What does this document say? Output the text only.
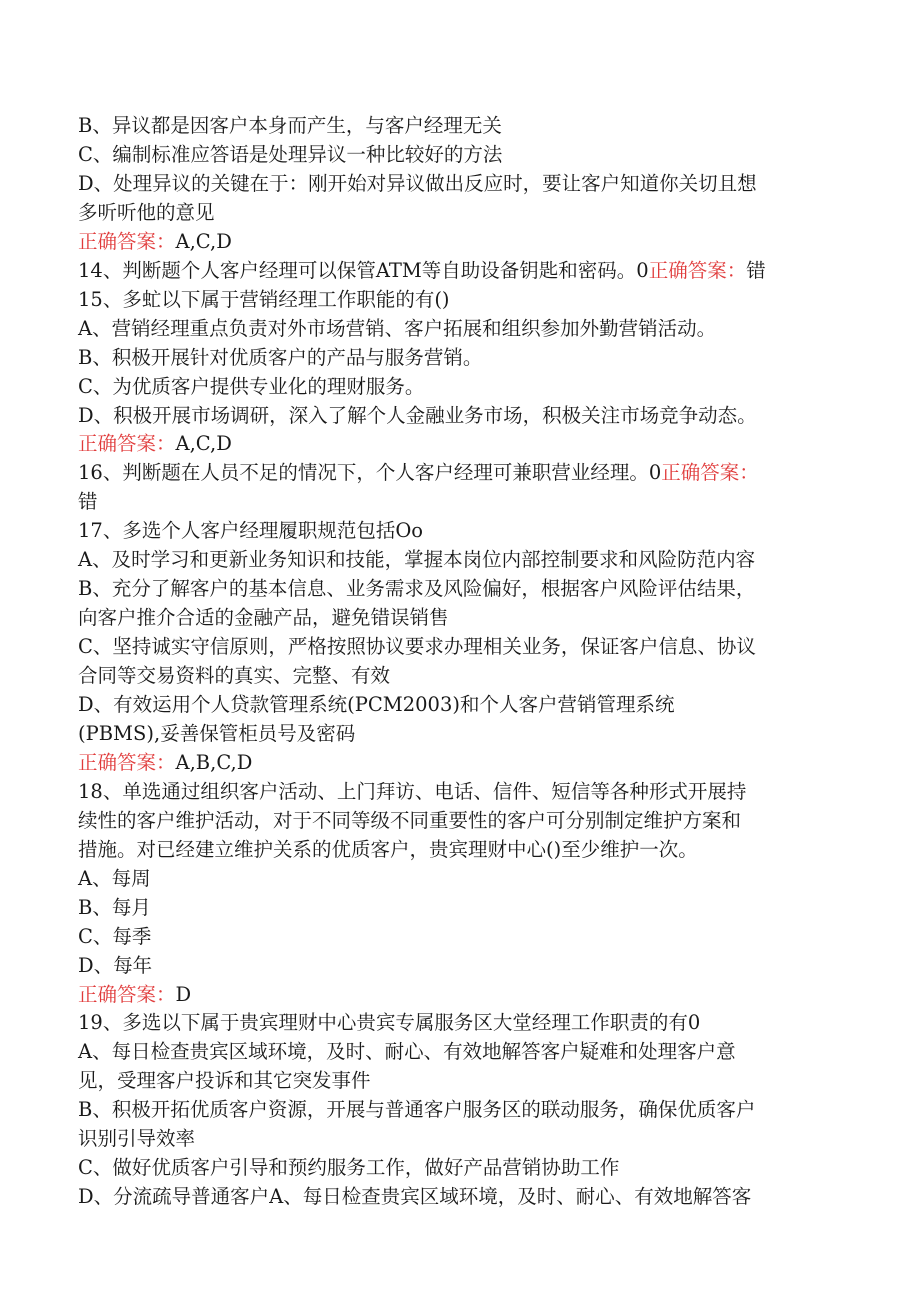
B、异议都是因客户本身而产生，与客户经理无关
C、编制标准应答语是处理异议一种比较好的方法
D、处理异议的关键在于：刚开始对异议做出反应时，要让客户知道你关切且想
多听听他的意见
正确答案：A,C,D
14、判断题个人客户经理可以保管ATM等自助设备钥匙和密码。0正确答案：错
15、多虻以下属于营销经理工作职能的有()
A、营销经理重点负责对外市场营销、客户拓展和组织参加外勤营销活动。
B、积极开展针对优质客户的产品与服务营销。
C、为优质客户提供专业化的理财服务。
D、积极开展市场调研，深入了解个人金融业务市场，积极关注市场竞争动态。
正确答案：A,C,D
16、判断题在人员不足的情况下，个人客户经理可兼职营业经理。0正确答案：
错
17、多选个人客户经理履职规范包括Oo
A、及时学习和更新业务知识和技能，掌握本岗位内部控制要求和风险防范内容
B、充分了解客户的基本信息、业务需求及风险偏好，根据客户风险评估结果，
向客户推介合适的金融产品，避免错误销售
C、坚持诚实守信原则，严格按照协议要求办理相关业务，保证客户信息、协议
合同等交易资料的真实、完整、有效
D、有效运用个人贷款管理系统(PCM2003)和个人客户营销管理系统
(PBMS),妥善保管柜员号及密码
正确答案：A,B,C,D
18、单选通过组织客户活动、上门拜访、电话、信件、短信等各种形式开展持
续性的客户维护活动，对于不同等级不同重要性的客户可分别制定维护方案和
措施。对已经建立维护关系的优质客户，贵宾理财中心()至少维护一次。
A、每周
B、每月
C、每季
D、每年
正确答案：D
19、多选以下属于贵宾理财中心贵宾专属服务区大堂经理工作职责的有0
A、每日检查贵宾区域环境，及时、耐心、有效地解答客户疑难和处理客户意
见，受理客户投诉和其它突发事件
B、积极开拓优质客户资源，开展与普通客户服务区的联动服务，确保优质客户
识别引导效率
C、做好优质客户引导和预约服务工作，做好产品营销协助工作
D、分流疏导普通客户A、每日检查贵宾区域环境，及时、耐心、有效地解答客
